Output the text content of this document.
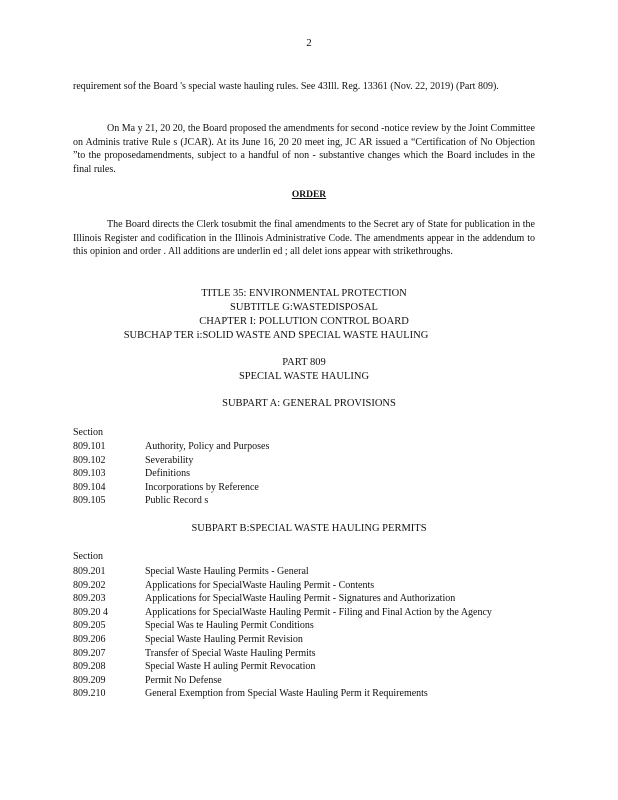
2
requirement sof the Board 's special waste hauling rules. See 43Ill. Reg. 13361 (Nov. 22, 2019) (Part 809).
On Ma y 21, 20 20, the Board proposed the amendments for second -notice review by the Joint Committee on Adminis trative Rule s (JCAR). At its June 16, 20 20 meet ing, JC AR issued a “Certification of No Objection ”to the proposedamendments, subject to a handful of non - substantive changes which the Board includes in the final rules.
ORDER
The Board directs the Clerk tosubmit the final amendments to the Secret ary of State for publication in the Illinois Register and codification in the Illinois Administrative Code. The amendments appear in the addendum to this opinion and order . All additions are underlin ed ; all delet ions appear with strikethroughs.
TITLE 35: ENVIRONMENTAL PROTECTION
SUBTITLE G:WASTEDISPOSAL
CHAPTER I: POLLUTION CONTROL BOARD
SUBCHAP TER i:SOLID WASTE AND SPECIAL WASTE HAULING
PART 809
SPECIAL WASTE HAULING
SUBPART A: GENERAL PROVISIONS
Section
809.101	Authority, Policy and Purposes
809.102	Severability
809.103	Definitions
809.104	Incorporations by Reference
809.105	Public Record s
SUBPART B:SPECIAL WASTE HAULING PERMITS
Section
809.201	Special Waste Hauling Permits - General
809.202	Applications for SpecialWaste Hauling Permit - Contents
809.203	Applications for SpecialWaste Hauling Permit - Signatures and Authorization
809.20 4	Applications for SpecialWaste Hauling Permit - Filing and Final Action by the Agency
809.205	Special Was te Hauling Permit Conditions
809.206	Special Waste Hauling Permit Revision
809.207	Transfer of Special Waste Hauling Permits
809.208	Special Waste H auling Permit Revocation
809.209	Permit No Defense
809.210	General Exemption from Special Waste Hauling Perm it Requirements
